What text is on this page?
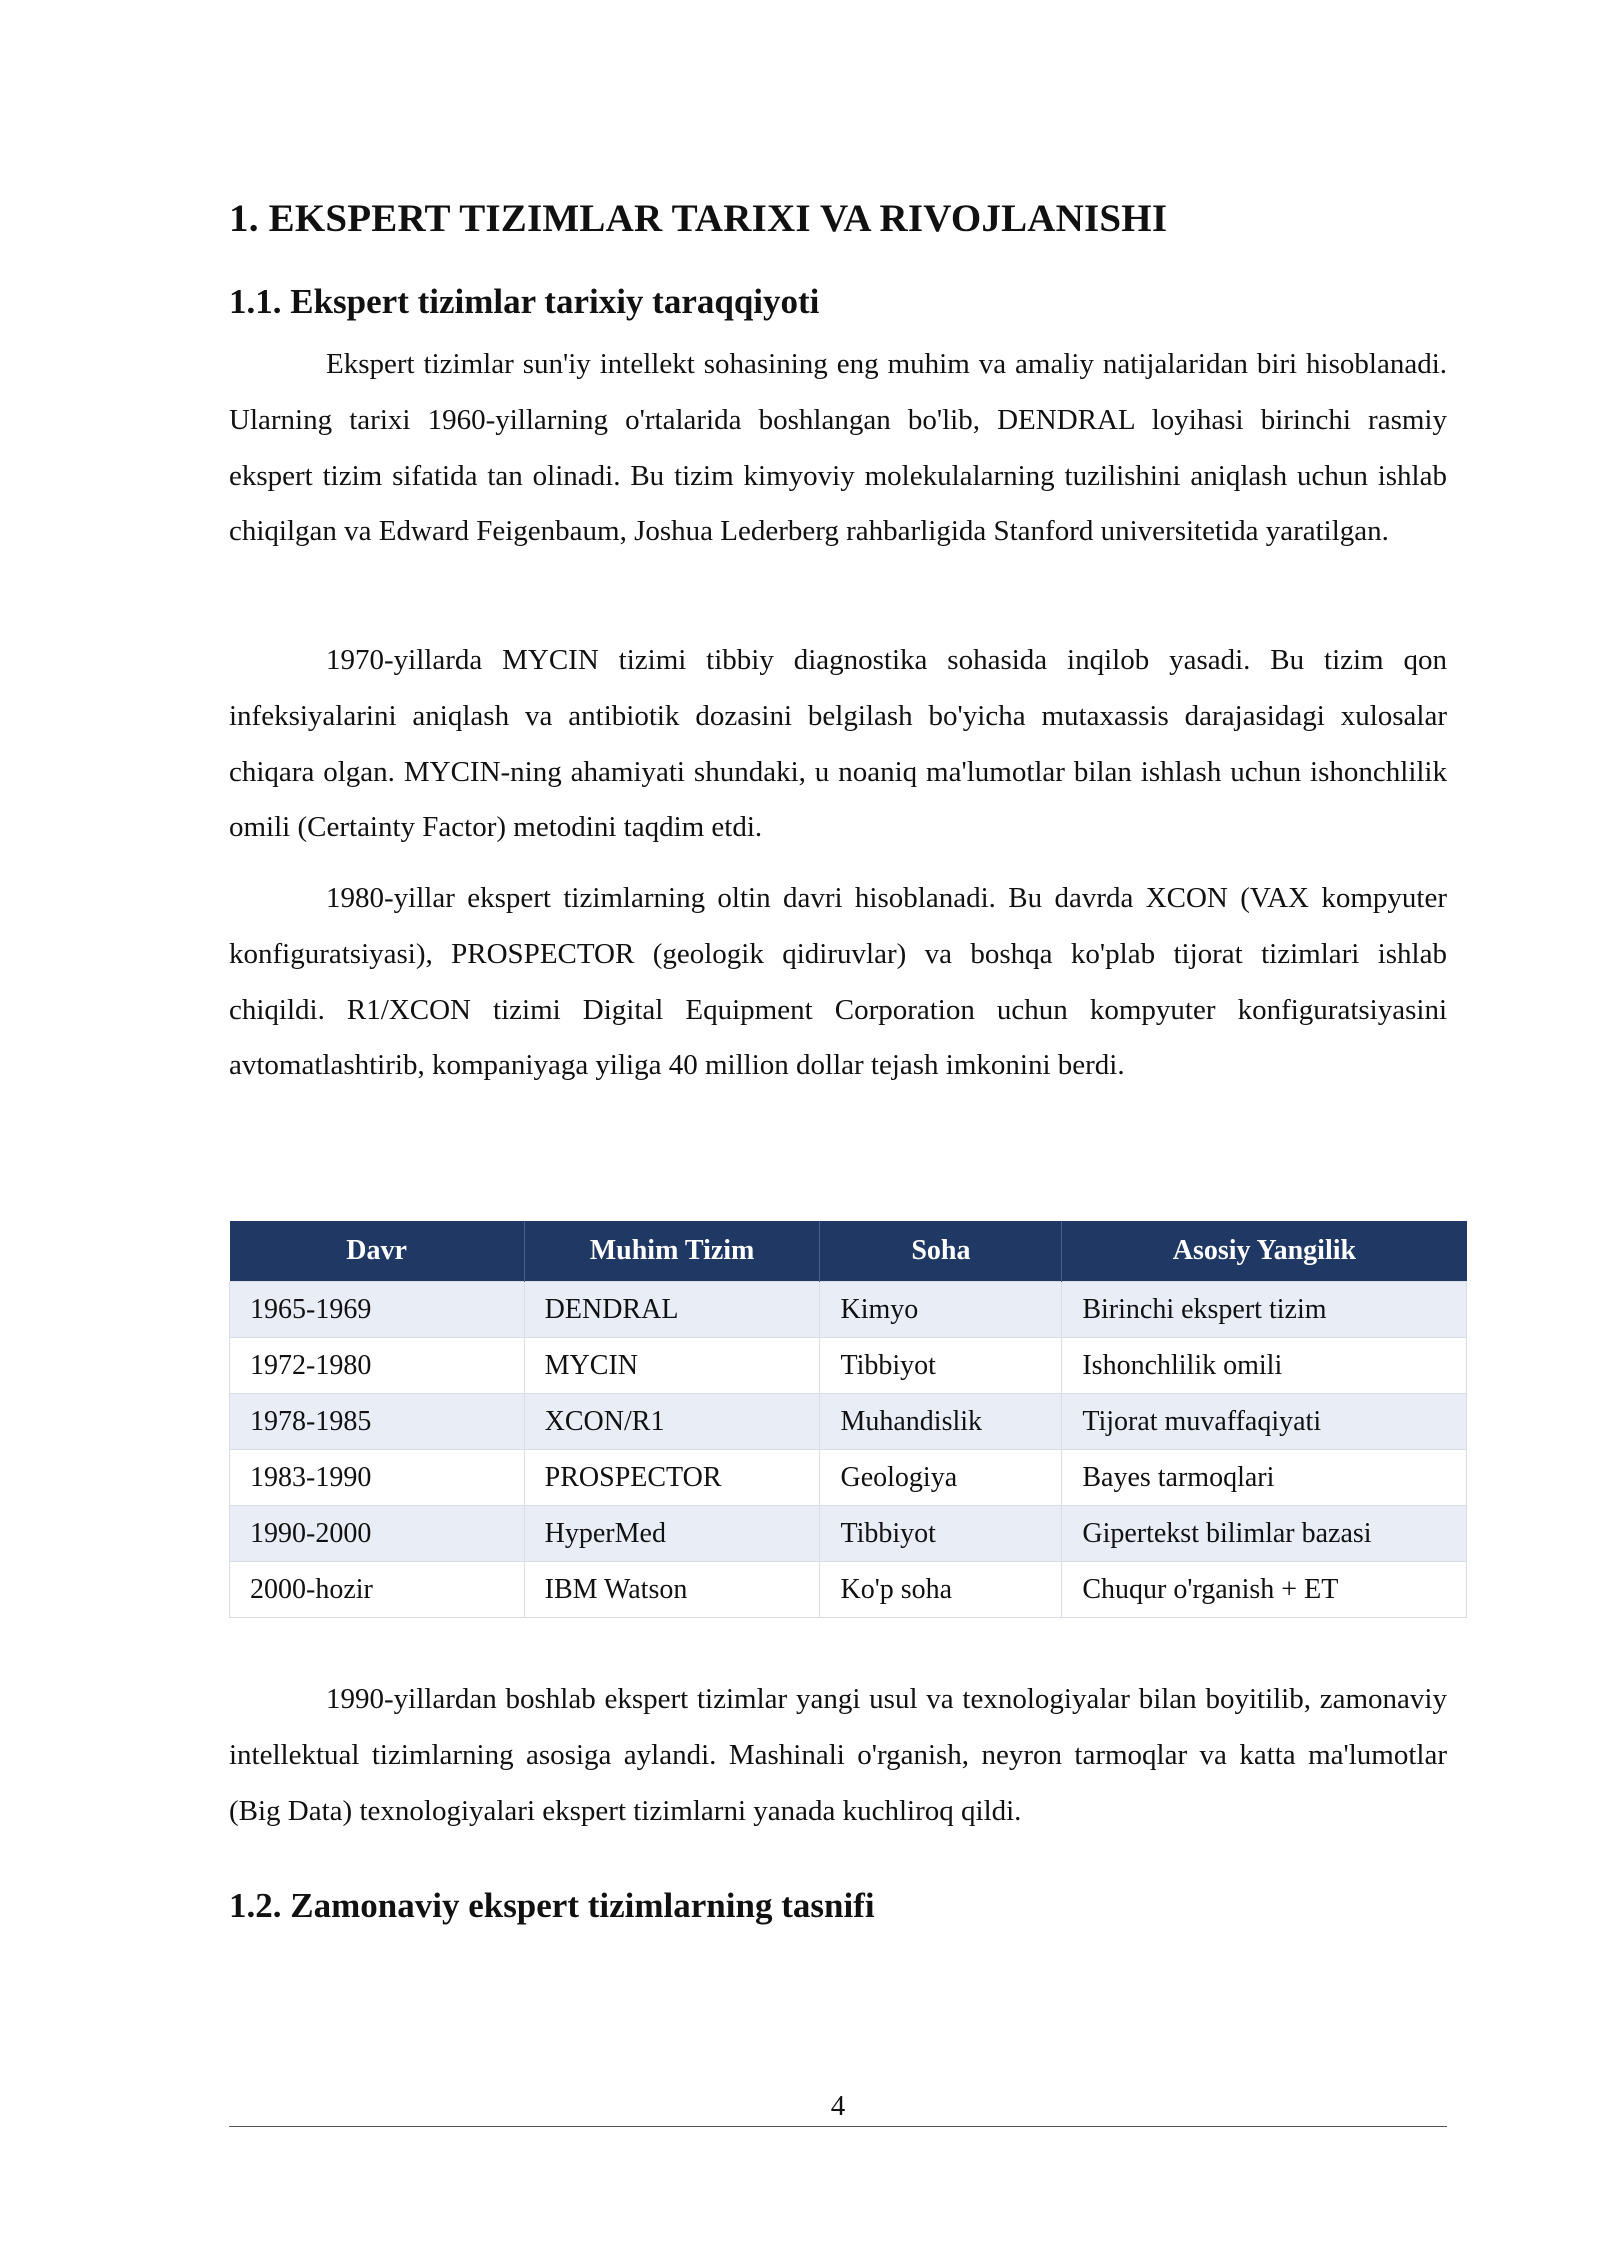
1. EKSPERT TIZIMLAR TARIXI VA RIVOJLANISHI
1.1. Ekspert tizimlar tarixiy taraqqiyoti

Ekspert tizimlar sun'iy intellekt sohasining eng muhim va amaliy natijalaridan biri hisoblanadi. Ularning tarixi 1960-yillarning o'rtalarida boshlangan bo'lib, DENDRAL loyihasi birinchi rasmiy ekspert tizim sifatida tan olinadi. Bu tizim kimyoviy molekulalarning tuzilishini aniqlash uchun ishlab chiqilgan va Edward Feigenbaum, Joshua Lederberg rahbarligida Stanford universitetida yaratilgan.

1970-yillarda MYCIN tizimi tibbiy diagnostika sohasida inqilob yasadi. Bu tizim qon infeksiyalarini aniqlash va antibiotik dozasini belgilash bo'yicha mutaxassis darajasidagi xulosalar chiqara olgan. MYCIN-ning ahamiyati shundaki, u noaniq ma'lumotlar bilan ishlash uchun ishonchlilik omili (Certainty Factor) metodini taqdim etdi.

1980-yillar ekspert tizimlarning oltin davri hisoblanadi. Bu davrda XCON (VAX kompyuter konfiguratsiyasi), PROSPECTOR (geologik qidiruvlar) va boshqa ko'plab tijorat tizimlari ishlab chiqildi. R1/XCON tizimi Digital Equipment Corporation uchun kompyuter konfiguratsiyasini avtomatlashtirib, kompaniyaga yiliga 40 million dollar tejash imkonini berdi.

Davr	Muhim Tizim	Soha	Asosiy Yangilik
1965-1969	DENDRAL	Kimyo	Birinchi ekspert tizim
1972-1980	MYCIN	Tibbiyot	Ishonchlilik omili
1978-1985	XCON/R1	Muhandislik	Tijorat muvaffaqiyati
1983-1990	PROSPECTOR	Geologiya	Bayes tarmoqlari
1990-2000	HyperMed	Tibbiyot	Gipertekst bilimlar bazasi
2000-hozir	IBM Watson	Ko'p soha	Chuqur o'rganish + ET

1990-yillardan boshlab ekspert tizimlar yangi usul va texnologiyalar bilan boyitilib, zamonaviy intellektual tizimlarning asosiga aylandi. Mashinali o'rganish, neyron tarmoqlar va katta ma'lumotlar (Big Data) texnologiyalari ekspert tizimlarni yanada kuchliroq qildi.

1.2. Zamonaviy ekspert tizimlarning tasnifi
4
